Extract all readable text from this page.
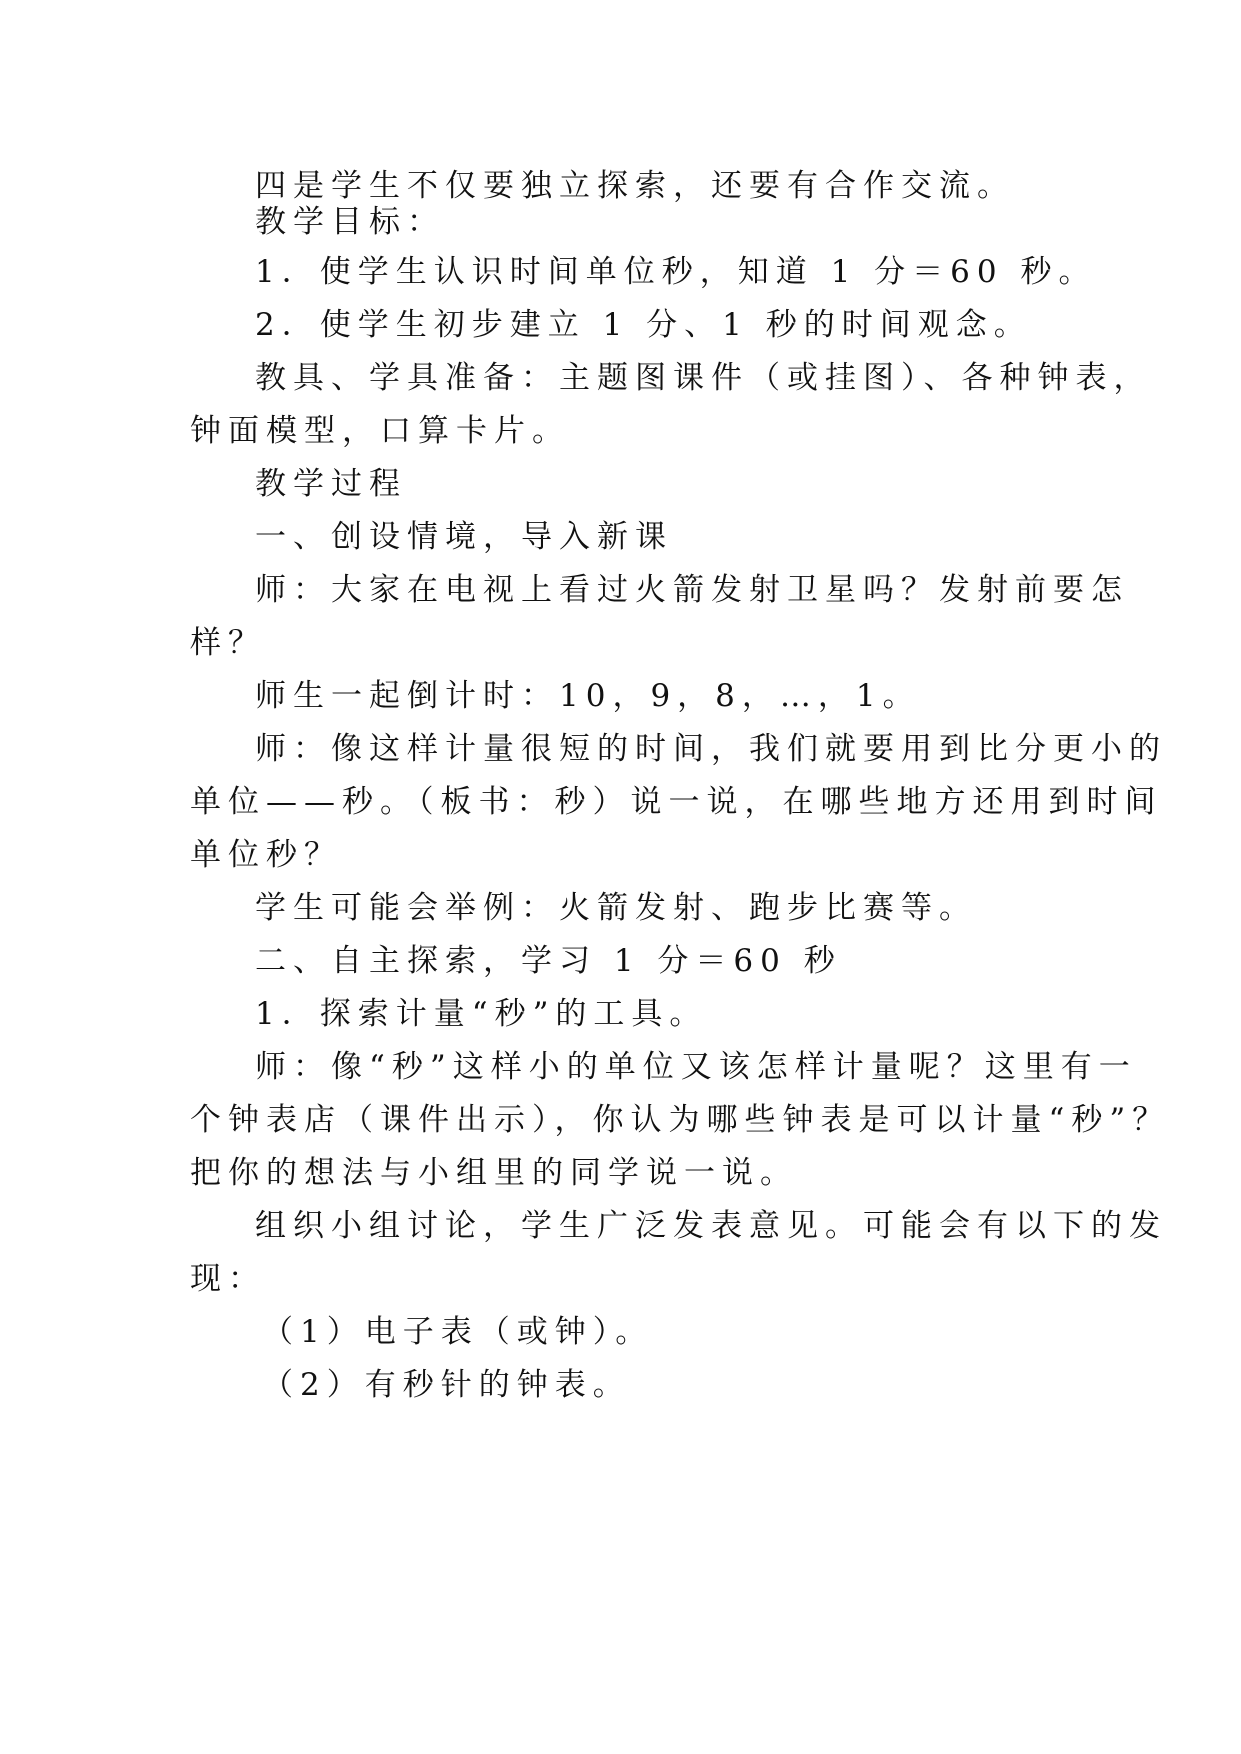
四是学生不仅要独立探索，还要有合作交流。
教学目标：
1．使学生认识时间单位秒，知道 1 分＝60 秒。
2．使学生初步建立 1 分、1 秒的时间观念。
教具、学具准备：主题图课件（或挂图）、各种钟表，
钟面模型，口算卡片。
教学过程
一、创设情境，导入新课
师：大家在电视上看过火箭发射卫星吗？发射前要怎
样？
师生一起倒计时：10，9，8，…，1。
师：像这样计量很短的时间，我们就要用到比分更小的
单位——秒。（板书：秒）说一说，在哪些地方还用到时间
单位秒？
学生可能会举例：火箭发射、跑步比赛等。
二、自主探索，学习 1 分＝60 秒
1．探索计量“秒”的工具。
师：像“秒”这样小的单位又该怎样计量呢？这里有一
个钟表店（课件出示），你认为哪些钟表是可以计量“秒”？
把你的想法与小组里的同学说一说。
组织小组讨论，学生广泛发表意见。可能会有以下的发
现：
（1）电子表（或钟）。
（2）有秒针的钟表。
